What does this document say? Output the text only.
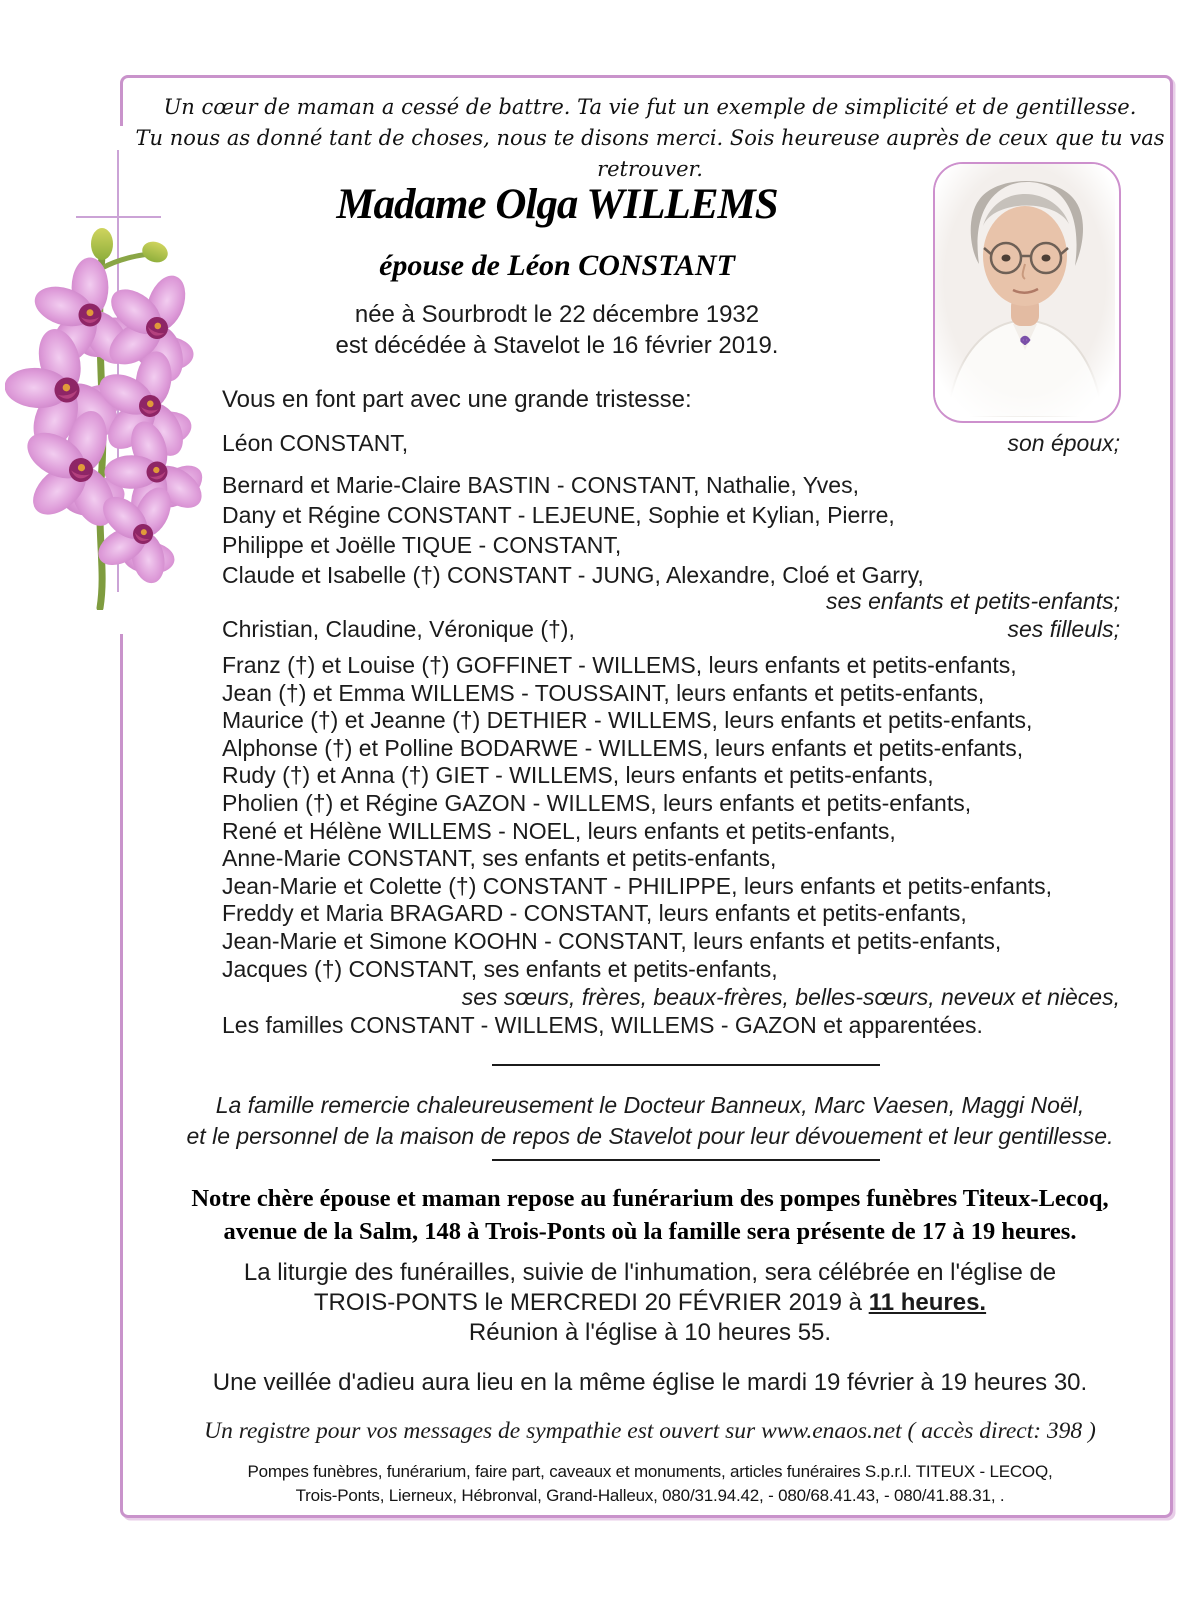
Un cœur de maman a cessé de battre. Ta vie fut un exemple de simplicité et de gentillesse.
Tu nous as donné tant de choses, nous te disons merci. Sois heureuse auprès de ceux que tu vas retrouver.
Madame Olga WILLEMS
épouse de Léon CONSTANT
née à Sourbrodt le 22 décembre 1932
est décédée à Stavelot le 16 février 2019.
Vous en font part avec une grande tristesse:
Léon CONSTANT,	son époux;
Bernard et Marie-Claire BASTIN - CONSTANT, Nathalie, Yves,
Dany et Régine CONSTANT - LEJEUNE, Sophie et Kylian, Pierre,
Philippe et Joëlle TIQUE - CONSTANT,
Claude et Isabelle (†) CONSTANT - JUNG, Alexandre, Cloé et Garry,
ses enfants et petits-enfants;
Christian, Claudine, Véronique (†),	ses filleuls;
Franz (†) et Louise (†) GOFFINET - WILLEMS, leurs enfants et petits-enfants,
Jean (†) et Emma WILLEMS - TOUSSAINT, leurs enfants et petits-enfants,
Maurice (†) et Jeanne (†) DETHIER - WILLEMS, leurs enfants et petits-enfants,
Alphonse (†) et Polline BODARWE - WILLEMS, leurs enfants et petits-enfants,
Rudy (†) et Anna (†) GIET - WILLEMS, leurs enfants et petits-enfants,
Pholien (†) et Régine GAZON - WILLEMS, leurs enfants et petits-enfants,
René et Hélène WILLEMS - NOEL, leurs enfants et petits-enfants,
Anne-Marie CONSTANT, ses enfants et petits-enfants,
Jean-Marie et Colette (†) CONSTANT - PHILIPPE, leurs enfants et petits-enfants,
Freddy et Maria BRAGARD - CONSTANT, leurs enfants et petits-enfants,
Jean-Marie et Simone KOOHN - CONSTANT, leurs enfants et petits-enfants,
Jacques (†) CONSTANT, ses enfants et petits-enfants,
ses sœurs, frères, beaux-frères, belles-sœurs, neveux et nièces,
Les familles CONSTANT - WILLEMS, WILLEMS - GAZON et apparentées.
La famille remercie chaleureusement le Docteur Banneux, Marc Vaesen, Maggi Noël,
et le personnel de la maison de repos de Stavelot pour leur dévouement et leur gentillesse.
Notre chère épouse et maman repose au funérarium des pompes funèbres Titeux-Lecoq,
avenue de la Salm, 148 à Trois-Ponts où la famille sera présente de 17 à 19 heures.
La liturgie des funérailles, suivie de l'inhumation, sera célébrée en l'église de
TROIS-PONTS le MERCREDI 20 FÉVRIER 2019 à 11 heures.
Réunion à l'église à 10 heures 55.
Une veillée d'adieu aura lieu en la même église le mardi 19 février à 19 heures 30.
Un registre pour vos messages de sympathie est ouvert sur www.enaos.net ( accès direct: 398 )
Pompes funèbres, funérarium, faire part, caveaux et monuments, articles funéraires S.p.r.l. TITEUX - LECOQ,
Trois-Ponts, Lierneux, Hébronval, Grand-Halleux, 080/31.94.42, - 080/68.41.43, - 080/41.88.31, .
